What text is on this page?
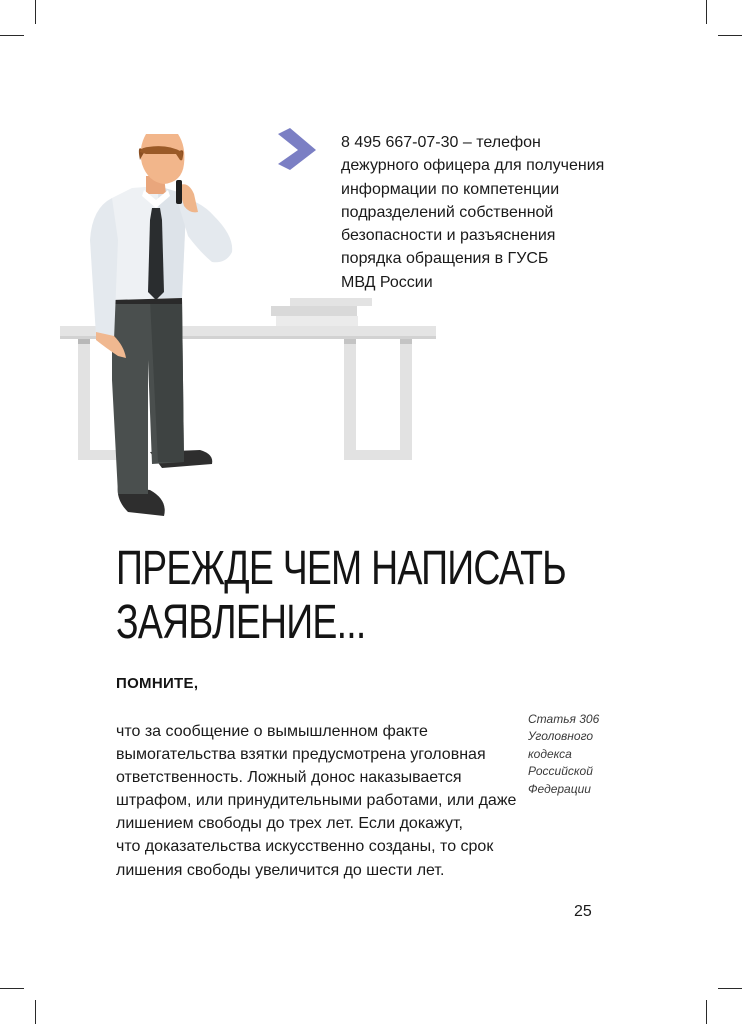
8 495 667-07-30 – телефон
дежурного офицера для получения
информации по компетенции
подразделений собственной
безопасности и разъяснения
порядка обращения в ГУСБ
МВД России
ПРЕЖДЕ ЧЕМ НАПИСАТЬ
ЗАЯВЛЕНИЕ...
ПОМНИТЕ,
что за сообщение о вымышленном факте
вымогательства взятки предусмотрена уголовная
ответственность. Ложный донос наказывается
штрафом, или принудительными работами, или даже
лишением свободы до трех лет. Если докажут,
что доказательства искусственно созданы, то срок
лишения свободы увеличится до шести лет.
Статья 306
Уголовного
кодекса
Российской
Федерации
25
